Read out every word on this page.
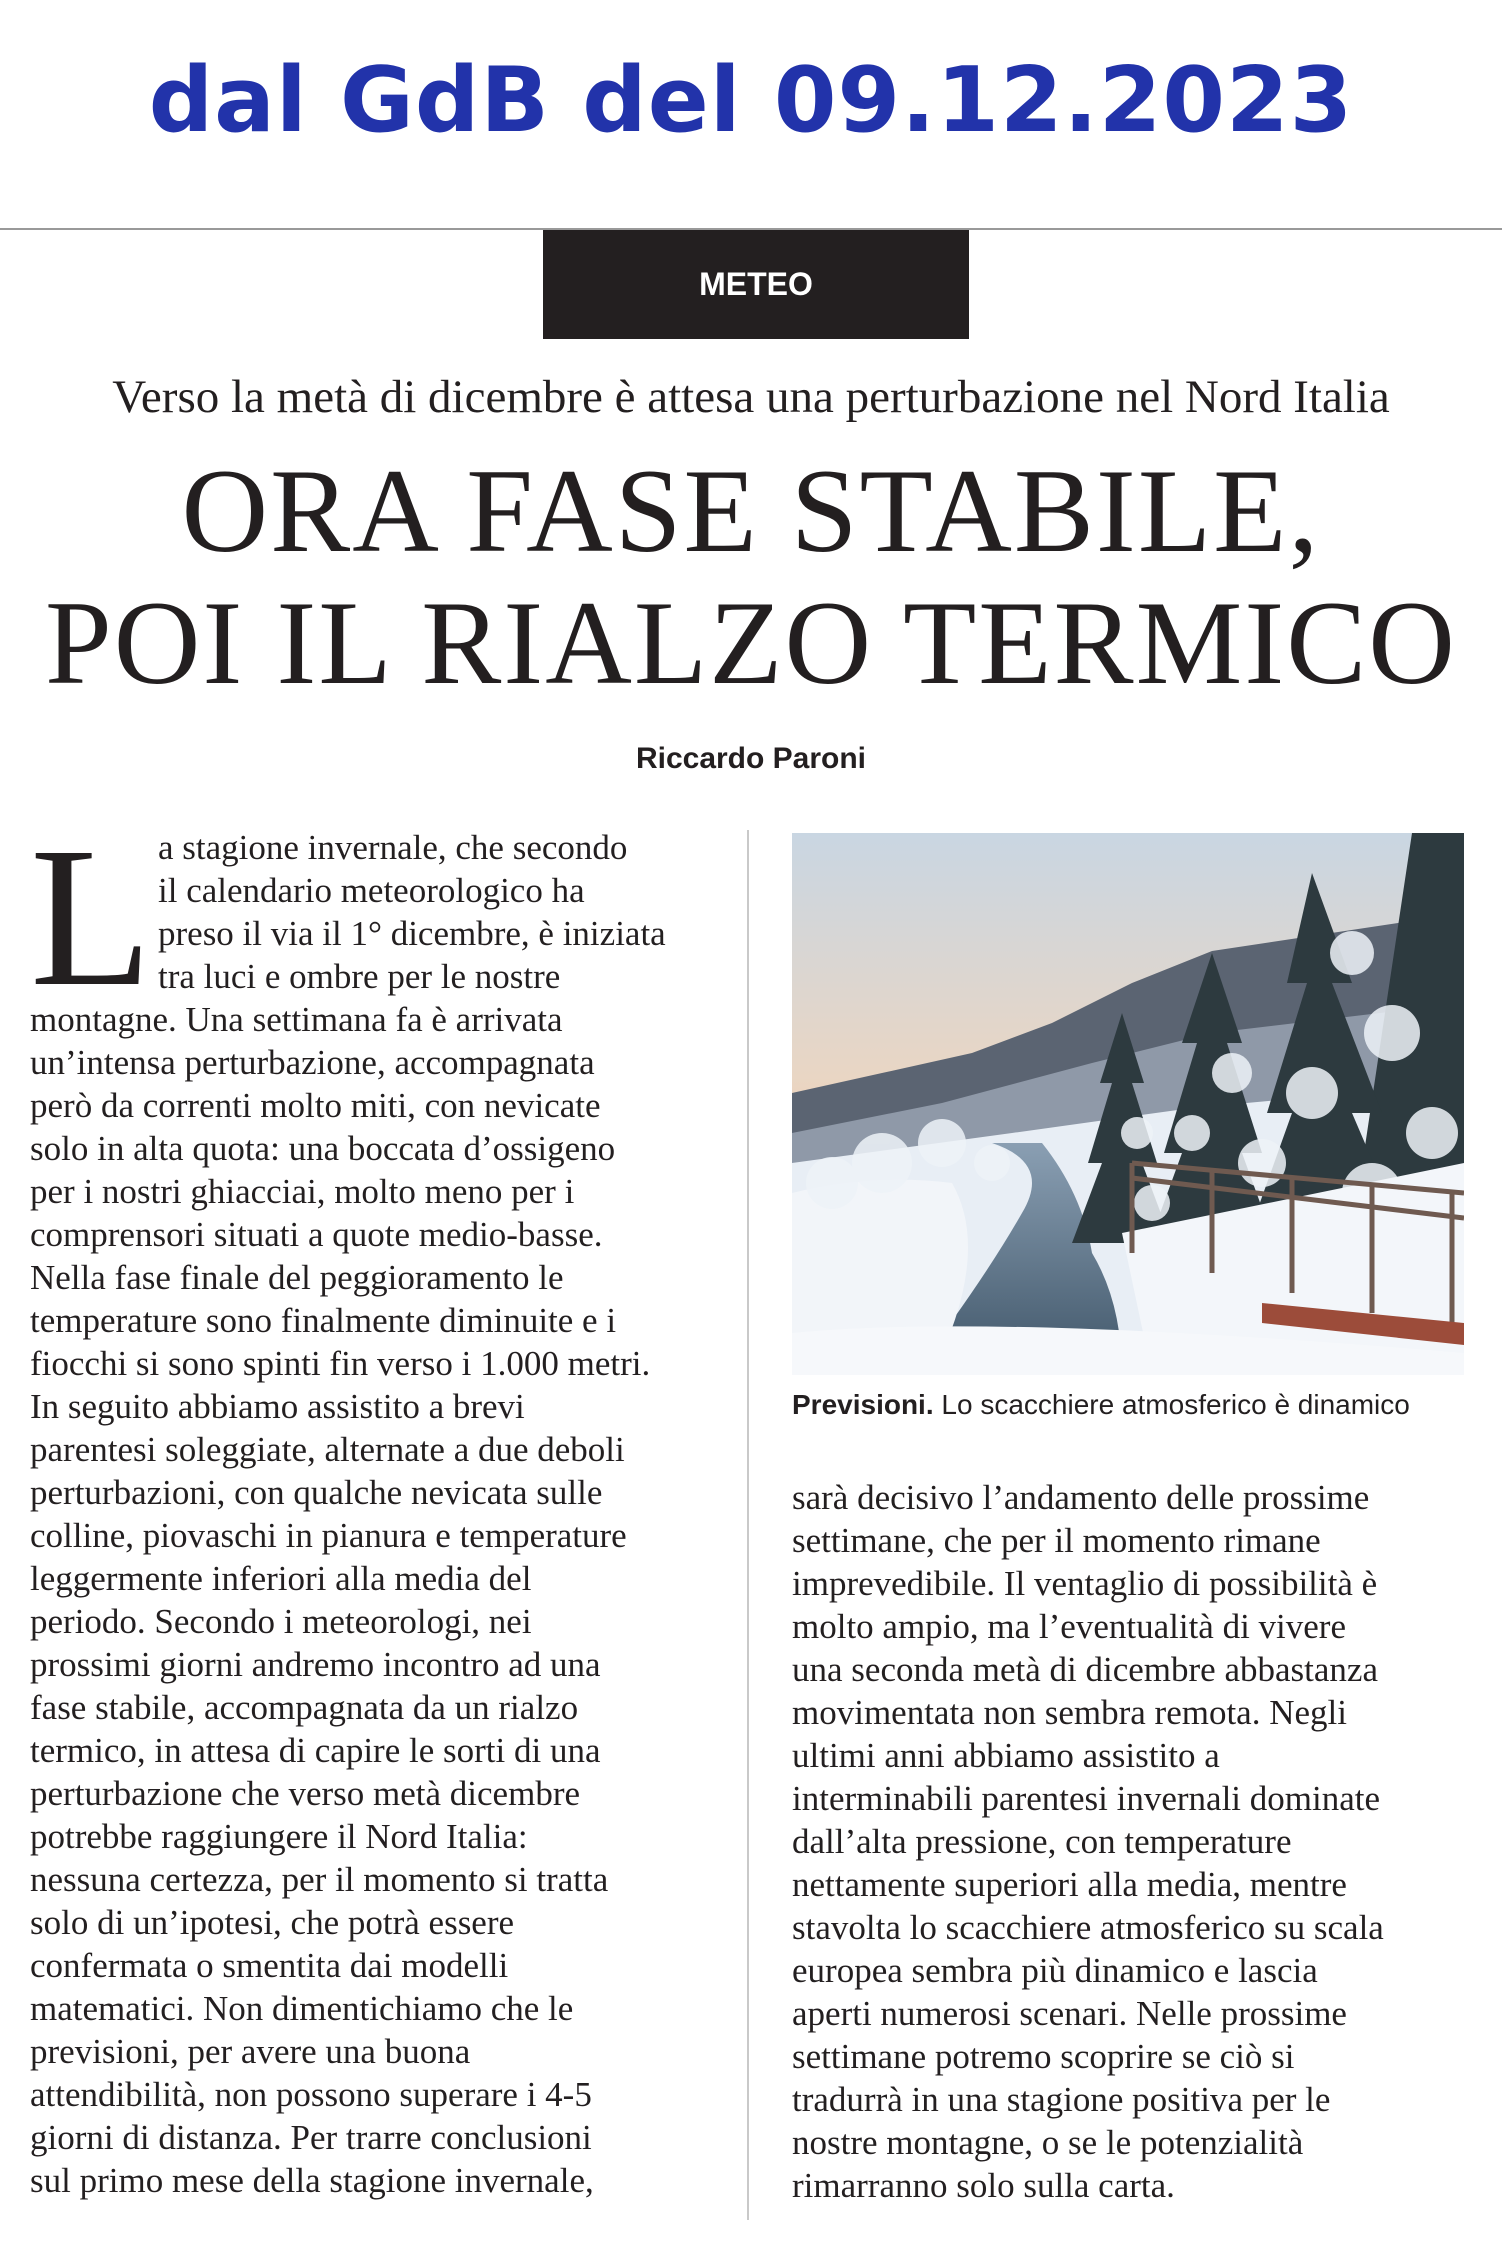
dal GdB del 09.12.2023
METEO
Verso la metà di dicembre è attesa una perturbazione nel Nord Italia
ORA FASE STABILE,
POI IL RIALZO TERMICO
Riccardo Paroni
L a stagione invernale, che secondo
il calendario meteorologico ha
preso il via il 1° dicembre, è iniziata
tra luci e ombre per le nostre
montagne. Una settimana fa è arrivata
un’intensa perturbazione, accompagnata
però da correnti molto miti, con nevicate
solo in alta quota: una boccata d’ossigeno
per i nostri ghiacciai, molto meno per i
comprensori situati a quote medio-basse.
Nella fase finale del peggioramento le
temperature sono finalmente diminuite e i
fiocchi si sono spinti fin verso i 1.000 metri.
In seguito abbiamo assistito a brevi
parentesi soleggiate, alternate a due deboli
perturbazioni, con qualche nevicata sulle
colline, piovaschi in pianura e temperature
leggermente inferiori alla media del
periodo. Secondo i meteorologi, nei
prossimi giorni andremo incontro ad una
fase stabile, accompagnata da un rialzo
termico, in attesa di capire le sorti di una
perturbazione che verso metà dicembre
potrebbe raggiungere il Nord Italia:
nessuna certezza, per il momento si tratta
solo di un’ipotesi, che potrà essere
confermata o smentita dai modelli
matematici. Non dimentichiamo che le
previsioni, per avere una buona
attendibilità, non possono superare i 4-5
giorni di distanza. Per trarre conclusioni
sul primo mese della stagione invernale,
Previsioni. Lo scacchiere atmosferico è dinamico
sarà decisivo l’andamento delle prossime
settimane, che per il momento rimane
imprevedibile. Il ventaglio di possibilità è
molto ampio, ma l’eventualità di vivere
una seconda metà di dicembre abbastanza
movimentata non sembra remota. Negli
ultimi anni abbiamo assistito a
interminabili parentesi invernali dominate
dall’alta pressione, con temperature
nettamente superiori alla media, mentre
stavolta lo scacchiere atmosferico su scala
europea sembra più dinamico e lascia
aperti numerosi scenari. Nelle prossime
settimane potremo scoprire se ciò si
tradurrà in una stagione positiva per le
nostre montagne, o se le potenzialità
rimarranno solo sulla carta.
